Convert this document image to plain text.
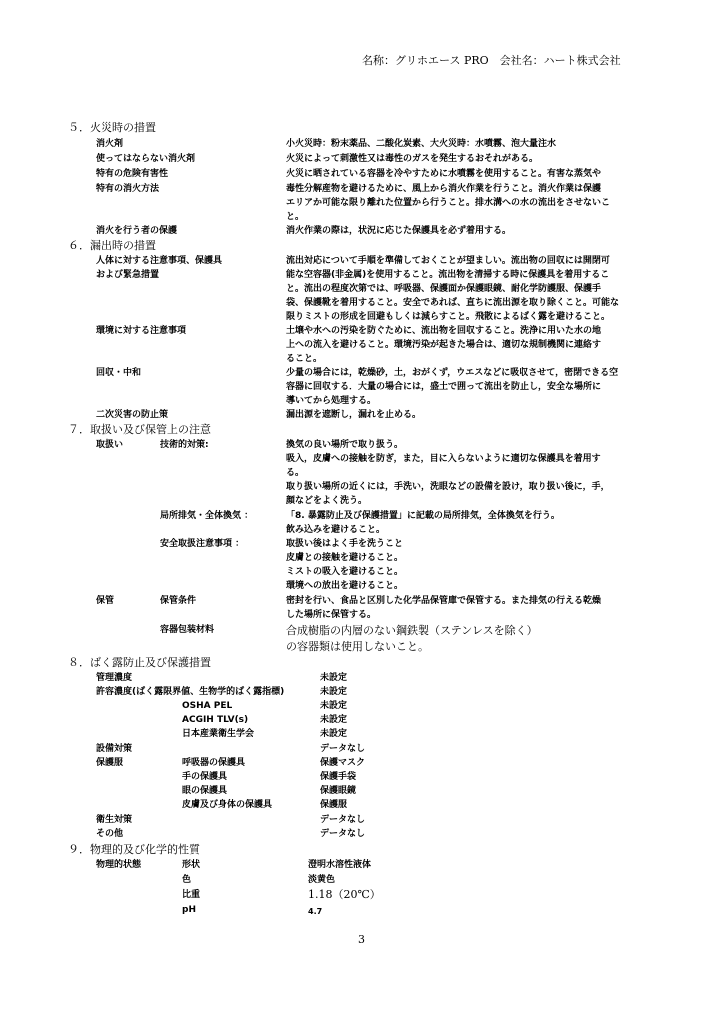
名称：グリホエース PRO　会社名：ハート株式会社
５．火災時の措置
消火剤	小火災時：粉末薬品、二酸化炭素、大火災時：水噴霧、泡大量注水
使ってはならない消火剤	火災によって刺激性又は毒性のガスを発生するおそれがある。
特有の危険有害性	火災に晒されている容器を冷やすために水噴霧を使用すること。有害な蒸気や
特有の消火方法	毒性分解産物を避けるために、風上から消火作業を行うこと。消火作業は保護
エリアか可能な限り離れた位置から行うこと。排水溝への水の流出をさせないこ
と。
消火を行う者の保護	消火作業の際は，状況に応じた保護具を必ず着用する。
６．漏出時の措置
人体に対する注意事項、保護具
および緊急措置
流出対応について手順を準備しておくことが望ましい。流出物の回収には開閉可
能な空容器(非金属)を使用すること。流出物を清掃する時に保護具を着用するこ
と。流出の程度次第では、呼吸器、保護面か保護眼鏡、耐化学防護服、保護手
袋、保護靴を着用すること。安全であれば、直ちに流出源を取り除くこと。可能な
限りミストの形成を回避もしくは減らすこと。飛散によるばく露を避けること。
環境に対する注意事項	土壌や水への汚染を防ぐために、流出物を回収すること。洗浄に用いた水の地
上への流入を避けること。環境汚染が起きた場合は、適切な規制機関に連絡す
ること。
回収・中和	少量の場合には，乾燥砂，土，おがくず，ウエスなどに吸収させて，密閉できる空
容器に回収する．大量の場合には，盛土で囲って流出を防止し，安全な場所に
導いてから処理する。
二次災害の防止策	漏出源を遮断し，漏れを止める。
７．取扱い及び保管上の注意
取扱い	技術的対策:	換気の良い場所で取り扱う。
吸入，皮膚への接触を防ぎ，また，目に入らないように適切な保護具を着用す
る。
取り扱い場所の近くには，手洗い，洗眼などの設備を設け，取り扱い後に，手，
顔などをよく洗う。
局所排気・全体換気 ：	「8. 暴露防止及び保護措置」に記載の局所排気，全体換気を行う。
飲み込みを避けること。
安全取扱注意事項 ：	取扱い後はよく手を洗うこと
皮膚との接触を避けること。
ミストの吸入を避けること。
環境への放出を避けること。
保管	保管条件	密封を行い、食品と区別した化学品保管庫で保管する。また排気の行える乾燥
した場所に保管する。
容器包装材料	合成樹脂の内層のない鋼鉄製（ステンレスを除く）
の容器類は使用しないこと。
８．ばく露防止及び保護措置
管理濃度	未設定
許容濃度(ばく露限界値、生物学的ばく露指標)	未設定
OSHA PEL	未設定
ACGIH TLV(s)	未設定
日本産業衛生学会	未設定
設備対策	データなし
保護服	呼吸器の保護具	保護マスク
手の保護具	保護手袋
眼の保護具	保護眼鏡
皮膚及び身体の保護具	保護服
衛生対策	データなし
その他	データなし
９．物理的及び化学的性質
物理的状態	形状	澄明水溶性液体
色	淡黄色
比重	1.18（20℃）
pH	4.7
3
